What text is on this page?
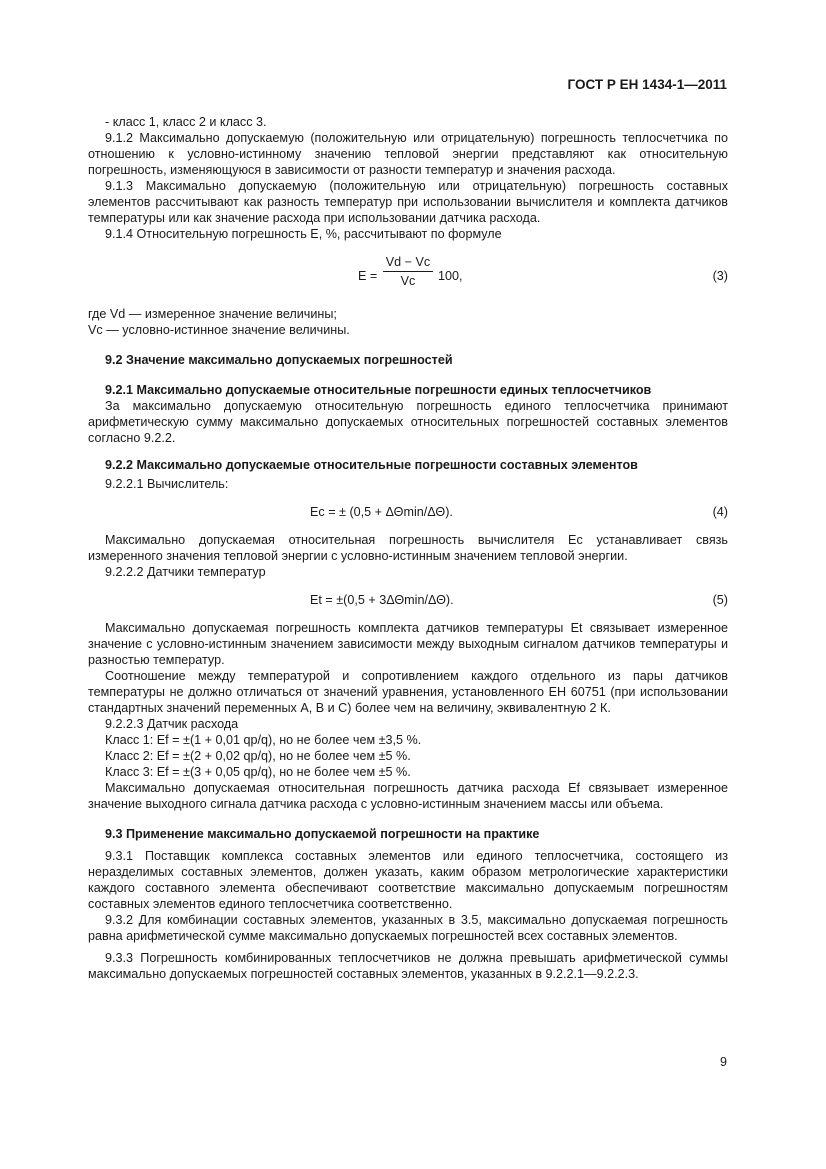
ГОСТ Р ЕН 1434-1—2011

- класс 1, класс 2 и класс 3.

9.1.2 Максимально допускаемую (положительную или отрицательную) погрешность теплосчетчика по отношению к условно-истинному значению тепловой энергии представляют как относительную погрешность, изменяющуюся в зависимости от разности температур и значения расхода.

9.1.3 Максимально допускаемую (положительную или отрицательную) погрешность составных элементов рассчитывают как разность температур при использовании вычислителя и комплекта датчиков температуры или как значение расхода при использовании датчика расхода.

9.1.4 Относительную погрешность E, %, рассчитывают по формуле

$E = \frac{Vd - Vc}{Vc} 100$,	(3)

где Vd — измеренное значение величины;

Vc — условно-истинное значение величины.

9.2 Значение максимально допускаемых погрешностей

9.2.1 Максимально допускаемые относительные погрешности единых теплосчетчиков

За максимально допускаемую относительную погрешность единого теплосчетчика принимают арифметическую сумму максимально допускаемых относительных погрешностей составных элементов согласно 9.2.2.

9.2.2 Максимально допускаемые относительные погрешности составных элементов

9.2.2.1 Вычислитель:

Ec = ± (0,5 + ΔΘmin/ΔΘ).	(4)

Максимально допускаемая относительная погрешность вычислителя Ec устанавливает связь измеренного значения тепловой энергии с условно-истинным значением тепловой энергии.

9.2.2.2 Датчики температур

Et = ±(0,5 + 3ΔΘmin/ΔΘ).	(5)

Максимально допускаемая погрешность комплекта датчиков температуры Et связывает измеренное значение с условно-истинным значением зависимости между выходным сигналом датчиков температуры и разностью температур.

Соотношение между температурой и сопротивлением каждого отдельного из пары датчиков температуры не должно отличаться от значений уравнения, установленного ЕН 60751 (при использовании стандартных значений переменных А, В и С) более чем на величину, эквивалентную 2 К.

9.2.2.3 Датчик расхода

Класс 1: Ef = ±(1 + 0,01 qp/q), но не более чем ±3,5 %.

Класс 2: Ef = ±(2 + 0,02 qp/q), но не более чем ±5 %.

Класс 3: Ef = ±(3 + 0,05 qp/q), но не более чем ±5 %.

Максимально допускаемая относительная погрешность датчика расхода Ef связывает измеренное значение выходного сигнала датчика расхода с условно-истинным значением массы или объема.

9.3 Применение максимально допускаемой погрешности на практике

9.3.1 Поставщик комплекса составных элементов или единого теплосчетчика, состоящего из неразделимых составных элементов, должен указать, каким образом метрологические характеристики каждого составного элемента обеспечивают соответствие максимально допускаемым погрешностям составных элементов единого теплосчетчика соответственно.

9.3.2 Для комбинации составных элементов, указанных в 3.5, максимально допускаемая погрешность равна арифметической сумме максимально допускаемых погрешностей всех составных элементов.

9.3.3 Погрешность комбинированных теплосчетчиков не должна превышать арифметической суммы максимально допускаемых погрешностей составных элементов, указанных в 9.2.2.1—9.2.2.3.

9
